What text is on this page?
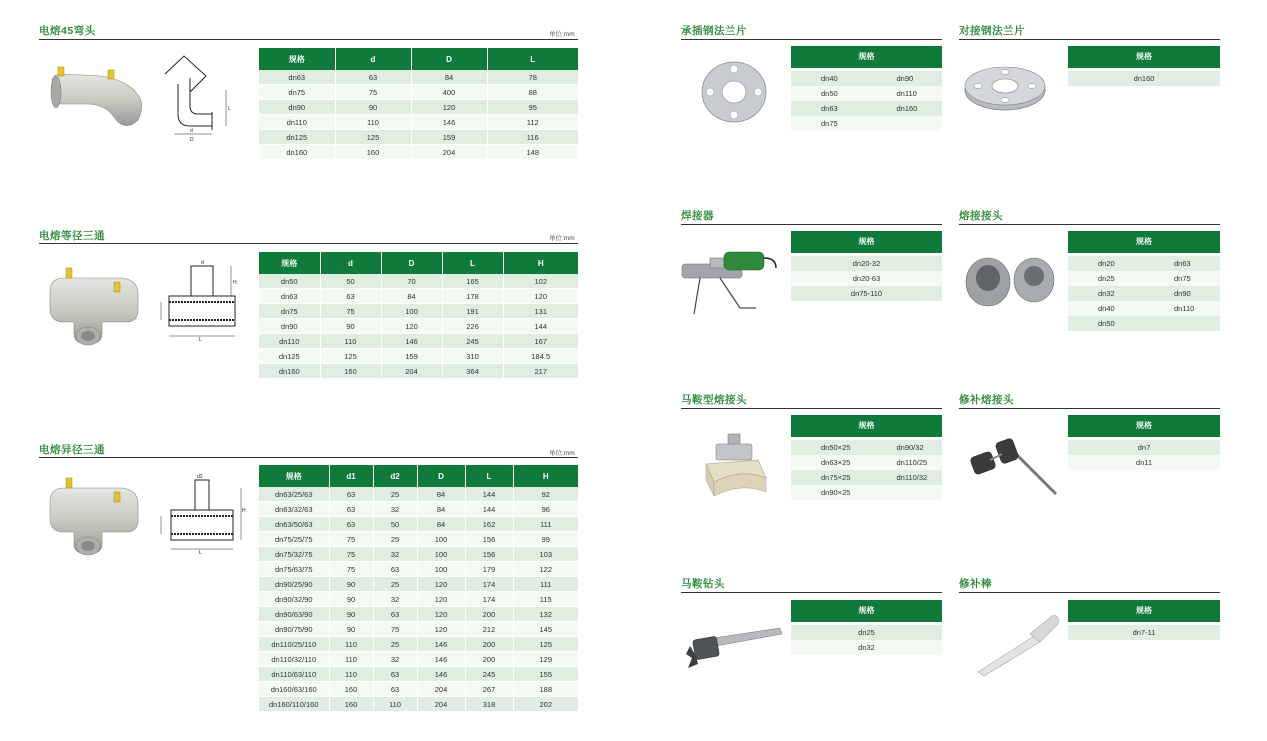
电熔45弯头	单位:mm
L
d
D
规格	d	D	L
dn63	63	84	78
dn75	75	400	88
dn90	90	120	95
dn110	110	146	112
dn125	125	159	116
dn160	160	204	148
电熔等径三通	单位:mm
d
H
L
规格	d	D	L	H
dn50	50	70	165	102
dn63	63	84	178	120
dn75	75	100	191	131
dn90	90	120	226	144
dn110	110	146	245	167
dn125	125	159	310	184.5
dn160	160	204	364	217
电熔异径三通	单位:mm
d2
H
L
规格	d1	d2	D	L	H
dn63/25/63	63	25	84	144	92
dn63/32/63	63	32	84	144	96
dn63/50/63	63	50	84	162	111
dn75/25/75	75	25	100	156	99
dn75/32/75	75	32	100	156	103
dn75/63/75	75	63	100	179	122
dn90/25/90	90	25	120	174	111
dn90/32/90	90	32	120	174	115
dn90/63/90	90	63	120	200	132
dn90/75/90	90	75	120	212	145
dn110/25/110	110	25	146	200	125
dn110/32/110	110	32	146	200	129
dn110/63/110	110	63	146	245	155
dn160/63/160	160	63	204	267	188
dn160/110/160	160	110	204	318	202
承插钢法兰片
规格
dn40	dn90
dn50	dn110
dn63	dn160
dn75
对接钢法兰片
规格
dn160
焊接器
规格
dn20-32
dn20-63
dn75-110
熔接接头
规格
dn20	dn63
dn25	dn75
dn32	dn90
dn40	dn110
dn50
马鞍型熔接头
规格
dn50×25	dn90/32
dn63×25	dn110/25
dn75×25	dn110/32
dn90×25
修补熔接头
规格
dn7
dn11
马鞍钻头
规格
dn25
dn32
修补棒
规格
dn7-11
